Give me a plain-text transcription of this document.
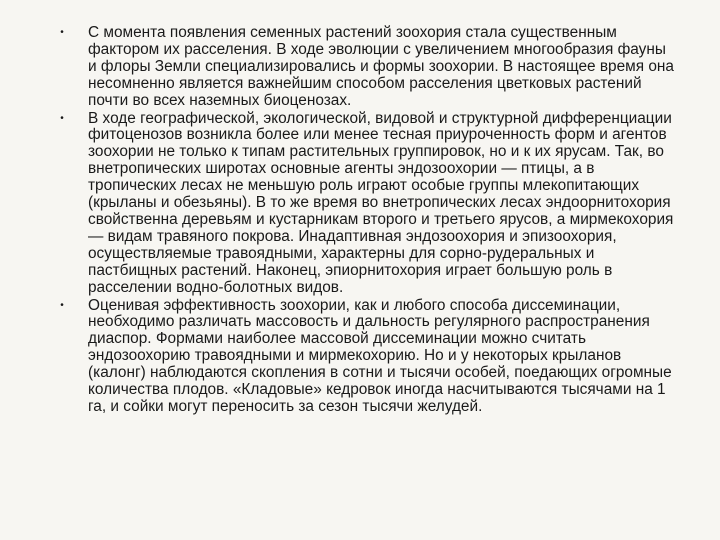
• С момента появления семенных растений зоохория стала существенным фактором их расселения. В ходе эволюции с увеличением многообразия фауны и флоры Земли специализировались и формы зоохории. В настоящее время она несомненно является важнейшим способом расселения цветковых растений почти во всех наземных биоценозах.
• В ходе географической, экологической, видовой и структурной дифференциации фитоценозов возникла более или менее тесная приуроченность форм и агентов зоохории не только к типам растительных группировок, но и к их ярусам. Так, во внетропических широтах основные агенты эндозоохории — птицы, а в тропических лесах не меньшую роль играют особые группы млекопитающих (крыланы и обезьяны). В то же время во внетропических лесах эндоорнитохория свойственна деревьям и кустарникам второго и третьего ярусов, а мирмекохория — видам травяного покрова. Инадаптивная эндозоохория и эпизоохория, осуществляемые травоядными, характерны для сорно-рудеральных и пастбищных растений. Наконец, эпиорнитохория играет большую роль в расселении водно-болотных видов.
• Оценивая эффективность зоохории, как и любого способа диссеминации, необходимо различать массовость и дальность регулярного распространения диаспор. Формами наиболее массовой диссеминации можно считать эндозоохорию травоядными и мирмекохорию. Но и у некоторых крыланов (калонг) наблюдаются скопления в сотни и тысячи особей, поедающих огромные количества плодов. «Кладовые» кедровок иногда насчитываются тысячами на 1 га, и сойки могут переносить за сезон тысячи желудей.
